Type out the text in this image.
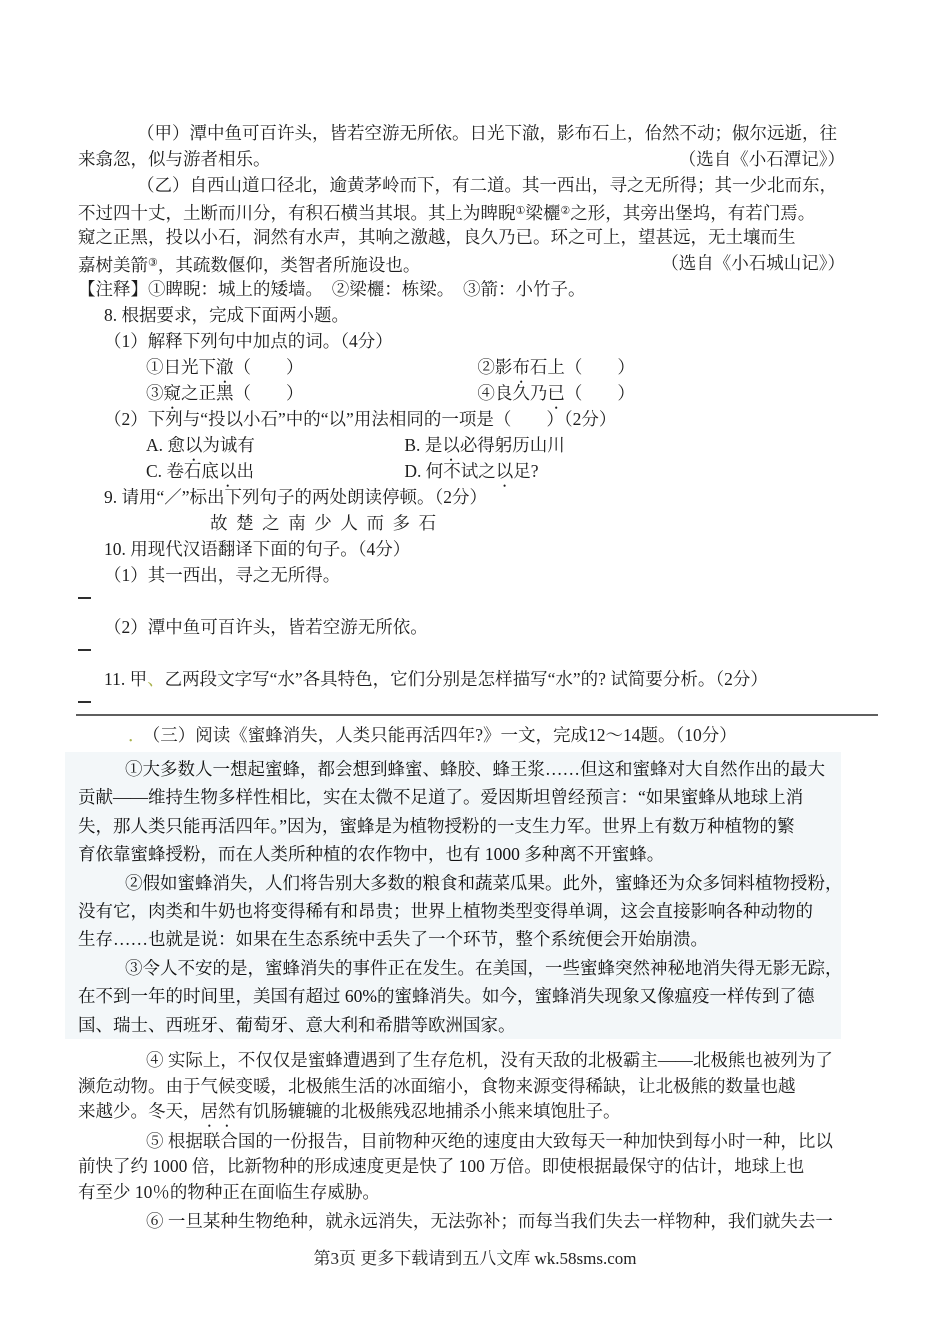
（甲）潭中鱼可百许头，皆若空游无所依。日光下澈，影布石上，佁然不动；俶尔远逝，往
来翕忽，似与游者相乐。	（选自《小石潭记》）
（乙）自西山道口径北，逾黄茅岭而下，有二道。其一西出，寻之无所得；其一少北而东，
不过四十丈，土断而川分，有积石横当其垠。其上为睥睨①梁欐②之形，其旁出堡坞，有若门焉。
窥之正黑，投以小石，洞然有水声，其响之激越，良久乃已。环之可上，望甚远，无土壤而生
嘉树美箭③，其疏数偃仰，类智者所施设也。	（选自《小石城山记》）
【注释】①睥睨：城上的矮墙。　②梁欐：栋梁。　③箭：小竹子。
8. 根据要求，完成下面两小题。
（1）解释下列句中加点的词。（4分）
①日光下澈（　　）	②影布石上（　　）
③窥之正黑（　　）	④良久乃已（　　）
（2）下列与“投以小石”中的“以”用法相同的一项是（　　）（2分）
A. 愈以为诚有	B. 是以必得躬历山川
C. 卷石底以出	D. 何不试之以足?
9. 请用“／”标出下列句子的两处朗读停顿。（2分）
故 楚 之 南 少 人 而 多 石
10. 用现代汉语翻译下面的句子。（4分）
（1）其一西出，寻之无所得。
（2）潭中鱼可百许头，皆若空游无所依。
11. 甲、乙两段文字写“水”各具特色，它们分别是怎样描写“水”的? 试简要分析。（2分）
． （三）阅读《蜜蜂消失，人类只能再活四年?》一文，完成12～14题。（10分）
①大多数人一想起蜜蜂，都会想到蜂蜜、蜂胶、蜂王浆……但这和蜜蜂对大自然作出的最大
贡献——维持生物多样性相比，实在太微不足道了。爱因斯坦曾经预言：“如果蜜蜂从地球上消
失，那人类只能再活四年。”因为，蜜蜂是为植物授粉的一支生力军。世界上有数万种植物的繁
育依靠蜜蜂授粉，而在人类所种植的农作物中，也有 1000 多种离不开蜜蜂。
②假如蜜蜂消失，人们将告别大多数的粮食和蔬菜瓜果。此外，蜜蜂还为众多饲料植物授粉，
没有它，肉类和牛奶也将变得稀有和昂贵；世界上植物类型变得单调，这会直接影响各种动物的
生存……也就是说：如果在生态系统中丢失了一个环节，整个系统便会开始崩溃。
③令人不安的是，蜜蜂消失的事件正在发生。在美国，一些蜜蜂突然神秘地消失得无影无踪，
在不到一年的时间里，美国有超过 60%的蜜蜂消失。如今，蜜蜂消失现象又像瘟疫一样传到了德
国、瑞士、西班牙、葡萄牙、意大利和希腊等欧洲国家。
④ 实际上，不仅仅是蜜蜂遭遇到了生存危机，没有天敌的北极霸主——北极熊也被列为了
濒危动物。由于气候变暖，北极熊生活的冰面缩小，食物来源变得稀缺，让北极熊的数量也越
来越少。冬天，居然有饥肠辘辘的北极熊残忍地捕杀小熊来填饱肚子。
⑤ 根据联合国的一份报告，目前物种灭绝的速度由大致每天一种加快到每小时一种，比以
前快了约 1000 倍，比新物种的形成速度更是快了 100 万倍。即使根据最保守的估计，地球上也
有至少 10％的物种正在面临生存威胁。
⑥ 一旦某种生物绝种，就永远消失，无法弥补；而每当我们失去一样物种，我们就失去一
第3页 更多下载请到五八文库 wk.58sms.com
